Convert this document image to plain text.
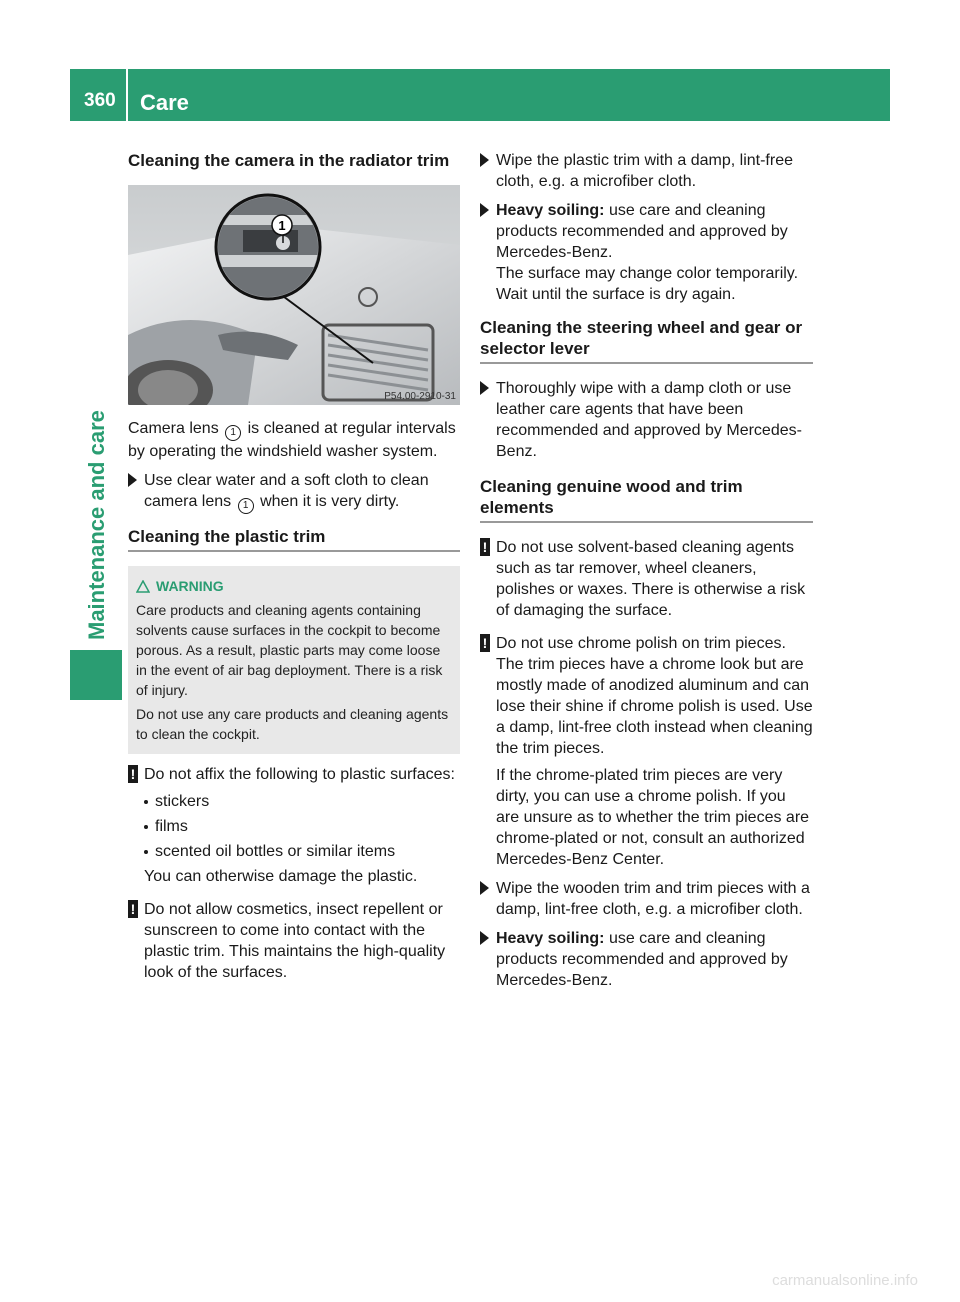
360 Care
Maintenance and care
Cleaning the camera in the radiator trim
1
P54.00-2910-31

Camera lens 1 is cleaned at regular intervals by operating the windshield washer system.

Use clear water and a soft cloth to clean camera lens 1 when it is very dirty.
Cleaning the plastic trim
WARNING

Care products and cleaning agents containing solvents cause surfaces in the cockpit to become porous. As a result, plastic parts may come loose in the event of air bag deployment. There is a risk of injury.

Do not use any care products and cleaning agents to clean the cockpit.

! Do not affix the following to plastic surfaces:
stickers
films
scented oil bottles or similar items

You can otherwise damage the plastic.

! Do not allow cosmetics, insect repellent or sunscreen to come into contact with the plastic trim. This maintains the high-quality look of the surfaces.
Wipe the plastic trim with a damp, lint-free cloth, e.g. a microfiber cloth.
Heavy soiling: use care and cleaning products recommended and approved by Mercedes-Benz.
The surface may change color temporarily. Wait until the surface is dry again.
Cleaning the steering wheel and gear or selector lever
Thoroughly wipe with a damp cloth or use leather care agents that have been recommended and approved by Mercedes-Benz.
Cleaning genuine wood and trim elements
! Do not use solvent-based cleaning agents such as tar remover, wheel cleaners, polishes or waxes. There is otherwise a risk of damaging the surface.
! Do not use chrome polish on trim pieces. The trim pieces have a chrome look but are mostly made of anodized aluminum and can lose their shine if chrome polish is used. Use a damp, lint-free cloth instead when cleaning the trim pieces.

If the chrome-plated trim pieces are very dirty, you can use a chrome polish. If you are unsure as to whether the trim pieces are chrome-plated or not, consult an authorized Mercedes-Benz Center.

Wipe the wooden trim and trim pieces with a damp, lint-free cloth, e.g. a microfiber cloth.
Heavy soiling: use care and cleaning products recommended and approved by Mercedes-Benz.
carmanualsonline.info
